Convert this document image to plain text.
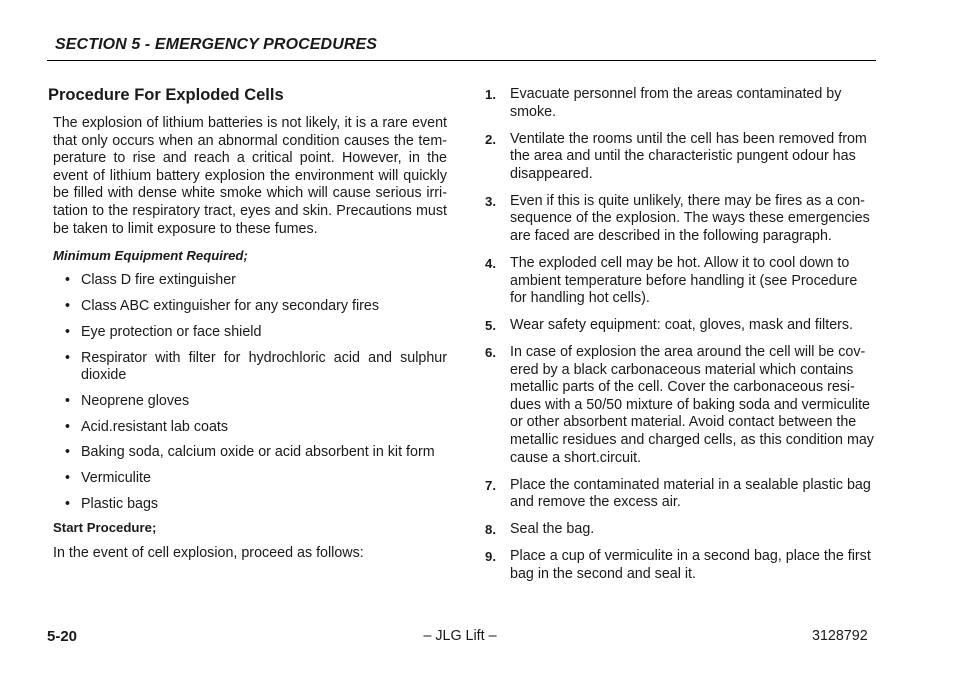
SECTION 5 - EMERGENCY PROCEDURES
Procedure For Exploded Cells
The explosion of lithium batteries is not likely, it is a rare event that only occurs when an abnormal condition causes the tem-perature to rise and reach a critical point. However, in the event of lithium battery explosion the environment will quickly be filled with dense white smoke which will cause serious irri-tation to the respiratory tract, eyes and skin. Precautions must be taken to limit exposure to these fumes.
Minimum Equipment Required;
• Class D fire extinguisher
• Class ABC extinguisher for any secondary fires
• Eye protection or face shield
• Respirator with filter for hydrochloric acid and sulphur dioxide
• Neoprene gloves
• Acid.resistant lab coats
• Baking soda, calcium oxide or acid absorbent in kit form
• Vermiculite
• Plastic bags
Start Procedure;
In the event of cell explosion, proceed as follows:
1. Evacuate personnel from the areas contaminated by smoke.
2. Ventilate the rooms until the cell has been removed from the area and until the characteristic pungent odour has disappeared.
3. Even if this is quite unlikely, there may be fires as a con-sequence of the explosion. The ways these emergencies are faced are described in the following paragraph.
4. The exploded cell may be hot. Allow it to cool down to ambient temperature before handling it (see Procedure for handling hot cells).
5. Wear safety equipment: coat, gloves, mask and filters.
6. In case of explosion the area around the cell will be cov-ered by a black carbonaceous material which contains metallic parts of the cell. Cover the carbonaceous resi-dues with a 50/50 mixture of baking soda and vermiculite or other absorbent material. Avoid contact between the metallic residues and charged cells, as this condition may cause a short.circuit.
7. Place the contaminated material in a sealable plastic bag and remove the excess air.
8. Seal the bag.
9. Place a cup of vermiculite in a second bag, place the first bag in the second and seal it.
5-20	– JLG Lift –	3128792
